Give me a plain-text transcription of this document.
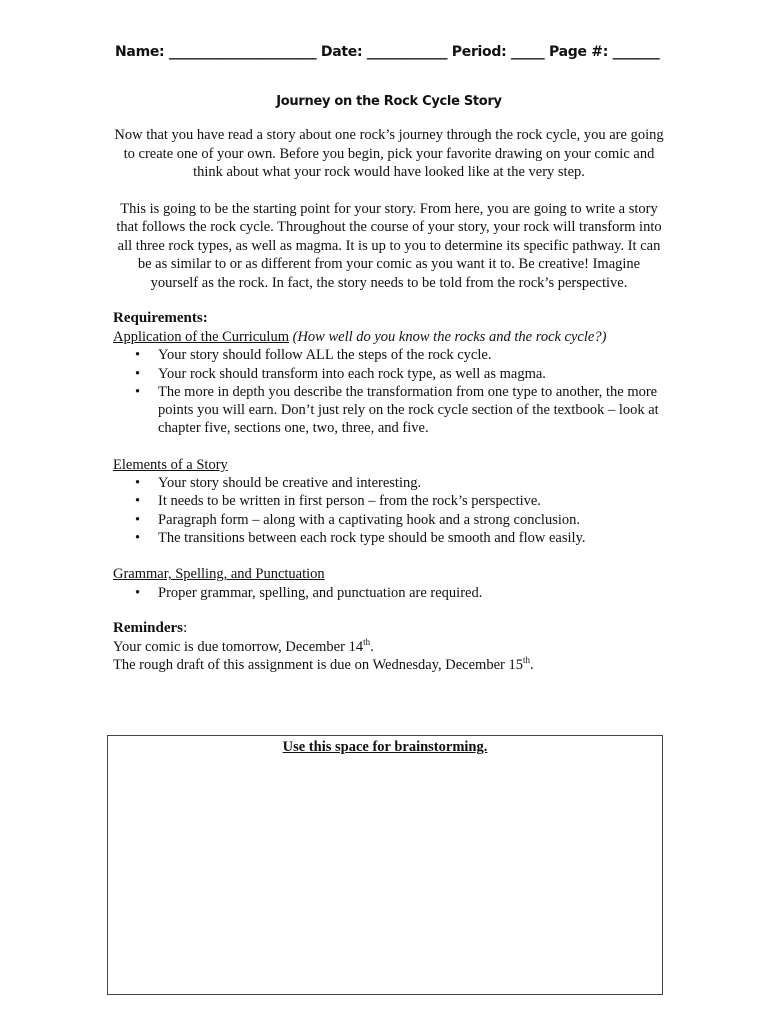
Name: ______________________ Date: ____________ Period: _____ Page #: _______
Journey on the Rock Cycle Story

Now that you have read a story about one rock’s journey through the rock cycle, you are going to create one of your own. Before you begin, pick your favorite drawing on your comic and think about what your rock would have looked like at the very step.

This is going to be the starting point for your story. From here, you are going to write a story that follows the rock cycle. Throughout the course of your story, your rock will transform into all three rock types, as well as magma. It is up to you to determine its specific pathway. It can be as similar to or as different from your comic as you want it to. Be creative! Imagine yourself as the rock. In fact, the story needs to be told from the rock’s perspective.

Requirements:
Application of the Curriculum (How well do you know the rocks and the rock cycle?)
• Your story should follow ALL the steps of the rock cycle.
• Your rock should transform into each rock type, as well as magma.
• The more in depth you describe the transformation from one type to another, the more points you will earn. Don’t just rely on the rock cycle section of the textbook – look at chapter five, sections one, two, three, and five.
Elements of a Story
• Your story should be creative and interesting.
• It needs to be written in first person – from the rock’s perspective.
• Paragraph form – along with a captivating hook and a strong conclusion.
• The transitions between each rock type should be smooth and flow easily.
Grammar, Spelling, and Punctuation
• Proper grammar, spelling, and punctuation are required.
Reminders:
Your comic is due tomorrow, December 14th.
The rough draft of this assignment is due on Wednesday, December 15th.
Use this space for brainstorming.
